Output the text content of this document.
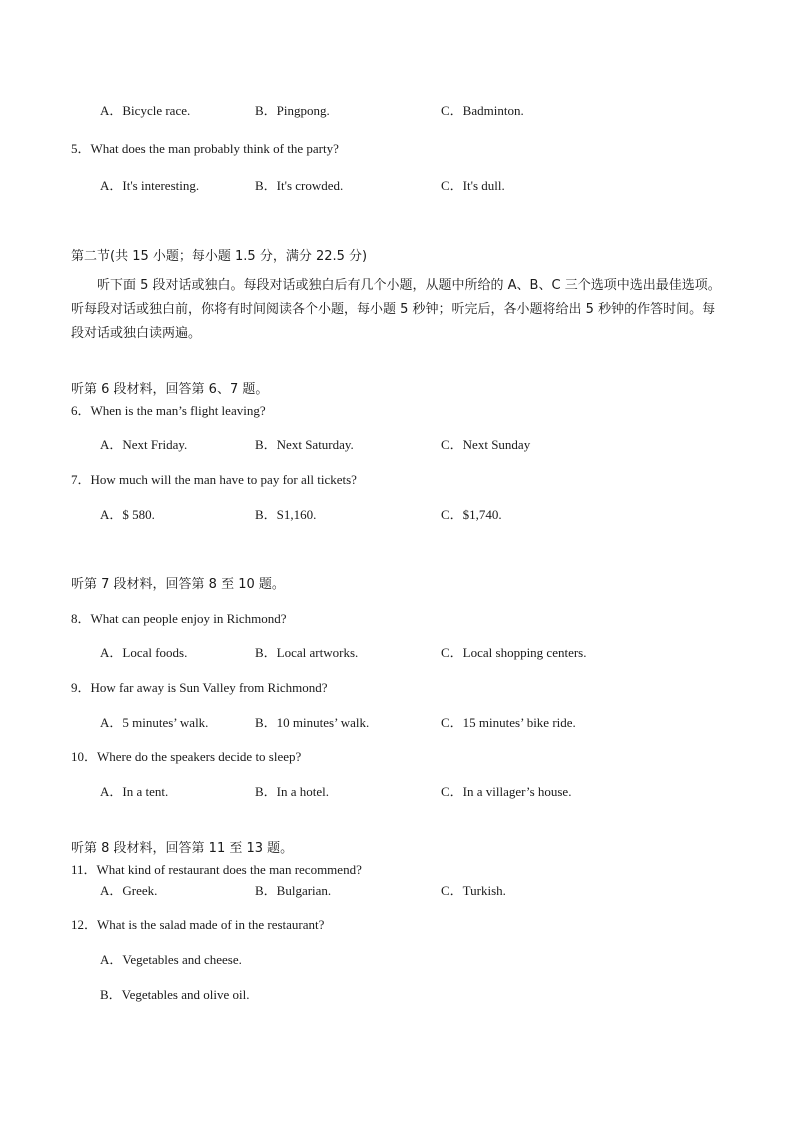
A．Bicycle race.	B．Pingpong.	C．Badminton.
5．What does the man probably think of the party?
A．It's interesting.	B．It's crowded.	C．It's dull.
第二节(共 15 小题；每小题 1.5 分，满分 22.5 分)
听下面 5 段对话或独白。每段对话或独白后有几个小题，从题中所给的 A、B、C 三个选项中选出最佳选项。听每段对话或独白前，你将有时间阅读各个小题，每小题 5 秒钟；听完后，各小题将给出 5 秒钟的作答时间。每段对话或独白读两遍。
听第 6 段材料，回答第 6、7 题。
6．When is the man’s flight leaving?
A．Next Friday.	B．Next Saturday.	C．Next Sunday
7．How much will the man have to pay for all tickets?
A．$ 580.	B．S1,160.	C．$1,740.
听第 7 段材料，回答第 8 至 10 题。
8．What can people enjoy in Richmond?
A．Local foods.	B．Local artworks.	C．Local shopping centers.
9．How far away is Sun Valley from Richmond?
A．5 minutes’ walk.	B．10 minutes’ walk.	C．15 minutes’ bike ride.
10．Where do the speakers decide to sleep?
A．In a tent.	B．In a hotel.	C．In a villager’s house.
听第 8 段材料，回答第 11 至 13 题。
11．What kind of restaurant does the man recommend?
A．Greek.	B．Bulgarian.	C．Turkish.
12．What is the salad made of in the restaurant?
A．Vegetables and cheese.
B．Vegetables and olive oil.
